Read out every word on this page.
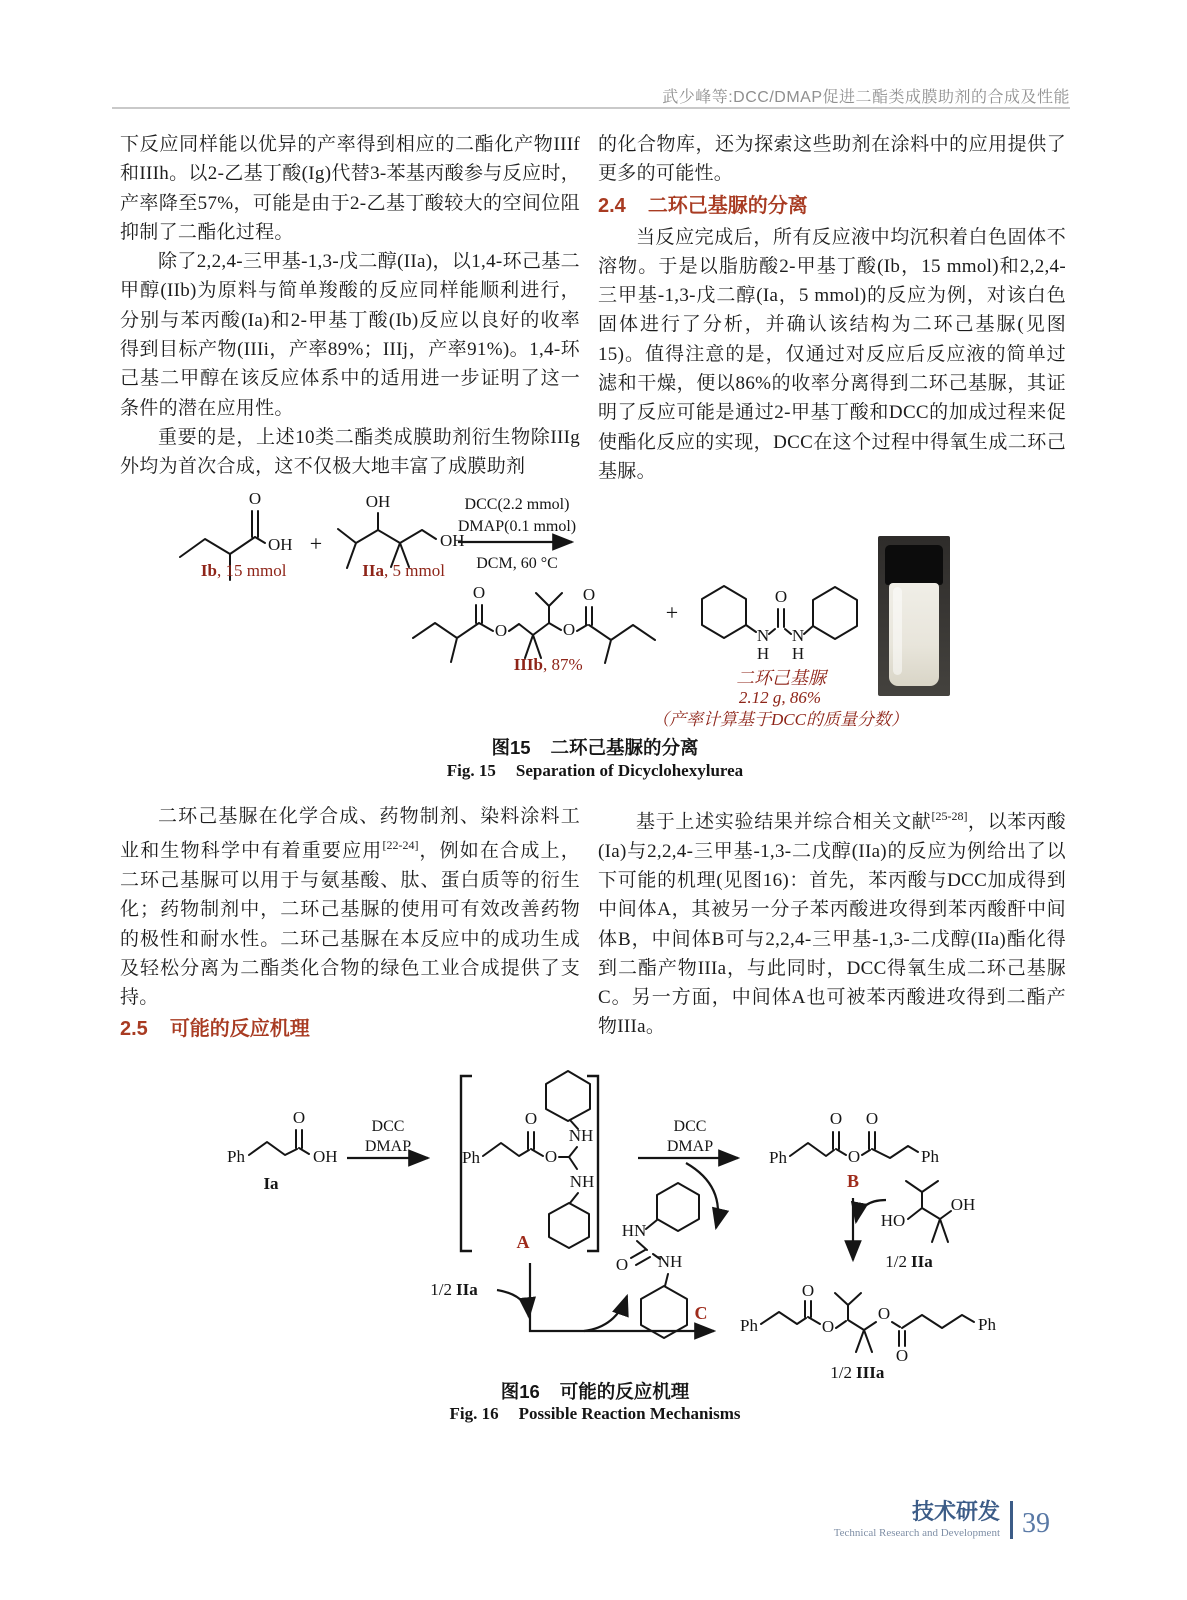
武少峰等:DCC/DMAP促进二酯类成膜助剂的合成及性能

下反应同样能以优异的产率得到相应的二酯化产物IIIf和IIIh。以2-乙基丁酸(Ig)代替3-苯基丙酸参与反应时，产率降至57%，可能是由于2-乙基丁酸较大的空间位阻抑制了二酯化过程。

除了2,2,4-三甲基-1,3-戊二醇(IIa)，以1,4-环己基二甲醇(IIb)为原料与简单羧酸的反应同样能顺利进行，分别与苯丙酸(Ia)和2-甲基丁酸(Ib)反应以良好的收率得到目标产物(IIIi，产率89%；IIIj，产率91%)。1,4-环己基二甲醇在该反应体系中的适用进一步证明了这一条件的潜在应用性。

重要的是，上述10类二酯类成膜助剂衍生物除IIIg外均为首次合成，这不仅极大地丰富了成膜助剂

的化合物库，还为探索这些助剂在涂料中的应用提供了更多的可能性。

2.4 二环己基脲的分离

当反应完成后，所有反应液中均沉积着白色固体不溶物。于是以脂肪酸2-甲基丁酸(Ib，15 mmol)和2,2,4-三甲基-1,3-戊二醇(Ia，5 mmol)的反应为例，对该白色固体进行了分析，并确认该结构为二环己基脲(见图15)。值得注意的是，仅通过对反应后反应液的简单过滤和干燥，便以86%的收率分离得到二环己基脲，其证明了反应可能是通过2-甲基丁酸和DCC的加成过程来促使酯化反应的实现，DCC在这个过程中得氧生成二环己基脲。

O
OH
Ib , 15 mmol
+
OH
OH
IIa , 5 mmol
DCC(2.2 mmol)
DMAP(0.1 mmol)
DCM, 60 °C
O
O	O
O
IIIb , 87%
+
O
N
H
N
H
二环己基脲
2.12 g, 86%
（产率计算基于DCC的质量分数）
图15 二环己基脲的分离
Fig. 15 Separation of Dicyclohexylurea

二环己基脲在化学合成、药物制剂、染料涂料工业和生物科学中有着重要应用[22-24]，例如在合成上，二环己基脲可以用于与氨基酸、肽、蛋白质等的衍生化；药物制剂中，二环己基脲的使用可有效改善药物的极性和耐水性。二环己基脲在本反应中的成功生成及轻松分离为二酯类化合物的绿色工业合成提供了支持。

2.5 可能的反应机理

基于上述实验结果并综合相关文献[25-28]，以苯丙酸(Ia)与2,2,4-三甲基-1,3-二戊醇(IIa)的反应为例给出了以下可能的机理(见图16)：首先，苯丙酸与DCC加成得到中间体A，其被另一分子苯丙酸进攻得到苯丙酸酐中间体B，中间体B可与2,2,4-三甲基-1,3-二戊醇(IIa)酯化得到二酯产物IIIa，与此同时，DCC得氧生成二环己基脲C。另一方面，中间体A也可被苯丙酸进攻得到二酯产物IIIa。

Ph
O
OH
Ia
DCC
DMAP
Ph
O
O
NH
NH
A
DCC
DMAP
Ph
O
O
O
Ph
B
HO
OH
1/2 IIa
1/2 IIa
HN
O NH
C
Ph
O
O
O
O
Ph
1/2 IIIa
图16 可能的反应机理
Fig. 16 Possible Reaction Mechanisms
技术研发
Technical Research and Development 39
